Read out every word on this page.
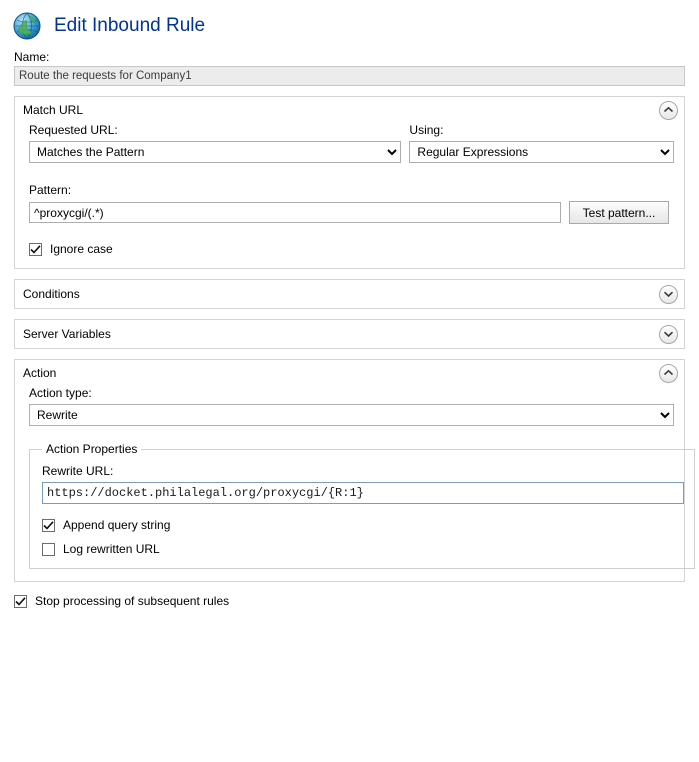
Edit Inbound Rule
Name:
Route the requests for Company1
Match URL
Requested URL:
Matches the Pattern	Using:
Regular Expressions
Pattern:
^proxycgi/(.*)
Test pattern...
Ignore case
Conditions
Server Variables
Action
Action type:
Rewrite
Action Properties
Rewrite URL:
https://docket.philalegal.org/proxycgi/{R:1}
Append query string
Log rewritten URL
Stop processing of subsequent rules
